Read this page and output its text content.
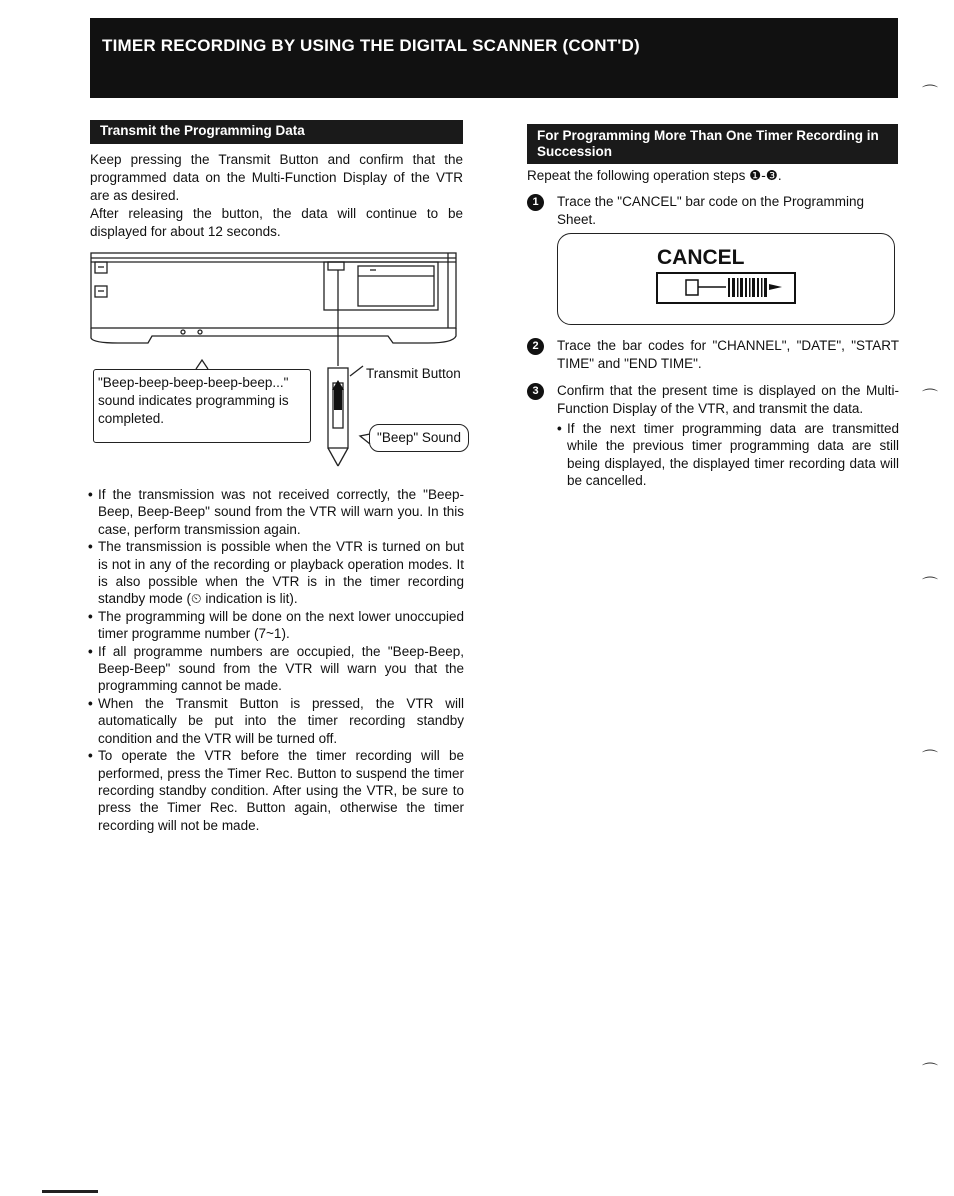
TIMER RECORDING BY USING THE DIGITAL SCANNER (CONT'D)
Transmit the Programming Data

Keep pressing the Transmit Button and confirm that the programmed data on the Multi-Function Display of the VTR are as desired.

After releasing the button, the data will continue to be displayed for about 12 seconds.

"Beep-beep-beep-beep-beep..." sound indicates programming is completed.
Transmit Button
"Beep" Sound
• If the transmission was not received correctly, the "Beep-Beep, Beep-Beep" sound from the VTR will warn you. In this case, perform transmission again.
• The transmission is possible when the VTR is turned on but is not in any of the recording or playback operation modes. It is also possible when the VTR is in the timer recording standby mode (⏲ indication is lit).
• The programming will be done on the next lower unoccupied timer programme number (7~1).
• If all programme numbers are occupied, the "Beep-Beep, Beep-Beep" sound from the VTR will warn you that the programming cannot be made.
• When the Transmit Button is pressed, the VTR will automatically be put into the timer recording standby condition and the VTR will be turned off.
• To operate the VTR before the timer recording will be performed, press the Timer Rec. Button to suspend the timer recording standby condition. After using the VTR, be sure to press the Timer Rec. Button again, otherwise the timer recording will not be made.
For Programming More Than One Timer Recording in Succession

Repeat the following operation steps ❶-❸.

1	Trace the "CANCEL" bar code on the Programming Sheet.
CANCEL
2	Trace the bar codes for "CHANNEL", "DATE", "START TIME" and "END TIME".
3	Confirm that the present time is displayed on the Multi-Function Display of the VTR, and transmit the data.
• If the next timer programming data are transmitted while the previous timer programming data are still being displayed, the displayed timer recording data will be cancelled.
⌒
⌒
⌒
⌒
⌒
